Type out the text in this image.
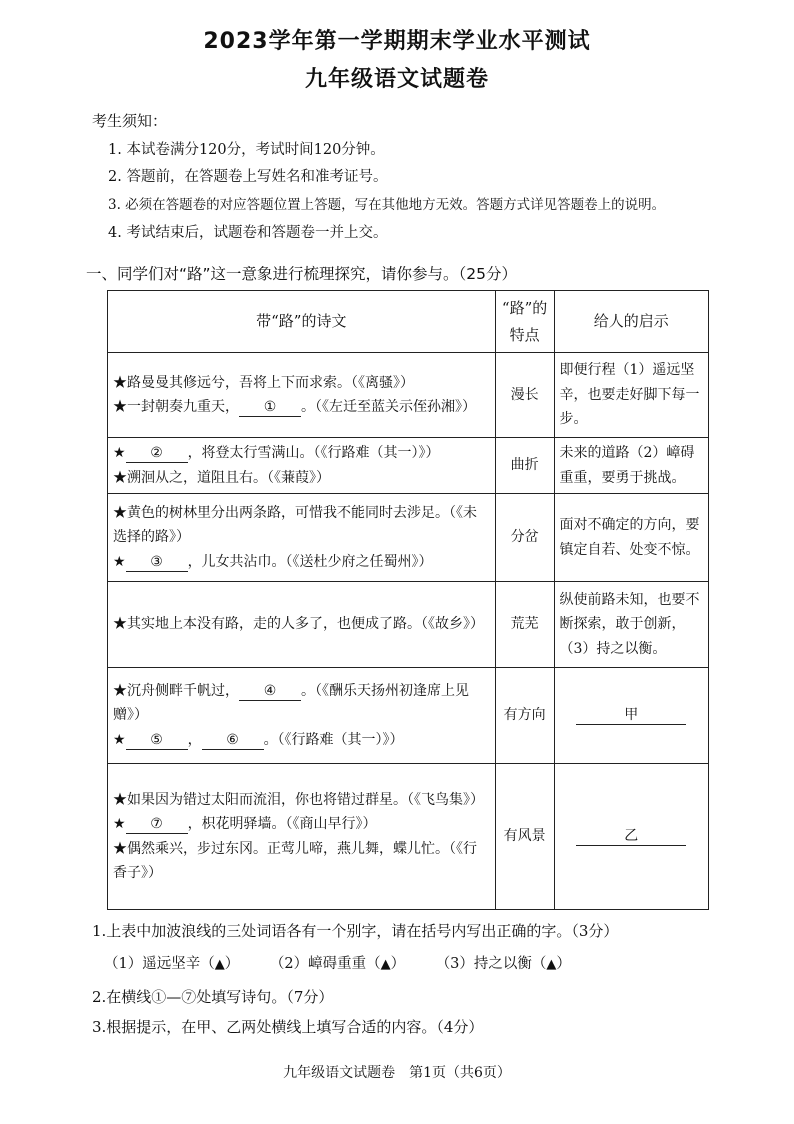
2023学年第一学期期末学业水平测试
九年级语文试题卷
考生须知：
1. 本试卷满分120分，考试时间120分钟。
2. 答题前，在答题卷上写姓名和准考证号。
3. 必须在答题卷的对应答题位置上答题，写在其他地方无效。答题方式详见答题卷上的说明。
4. 考试结束后，试题卷和答题卷一并上交。
一、同学们对“路”这一意象进行梳理探究，请你参与。（25分）
带“路”的诗文	“路”的特点	给人的启示

★路曼曼其修远兮，吾将上下而求索。（《离骚》）
★一封朝奏九重天， ① 。（《左迁至蓝关示侄孙湘》）	漫长	即便行程（1）遥远坚辛，也要走好脚下每一步。

★ ② ，将登太行雪满山。（《行路难（其一）》）
★溯洄从之，道阻且右。（《蒹葭》）	曲折	未来的道路（2）嶂碍重重，要勇于挑战。

★黄色的树林里分出两条路，可惜我不能同时去涉足。（《未选择的路》）
★ ③ ，儿女共沾巾。（《送杜少府之任蜀州》）	分岔	面对不确定的方向，要镇定自若、处变不惊。

★其实地上本没有路，走的人多了，也便成了路。（《故乡》）	荒芜	纵使前路未知，也要不断探索，敢于创新，（3）持之以衡。

★沉舟侧畔千帆过， ④ 。（《酬乐天扬州初逢席上见赠》）
★ ⑤ ， ⑥ 。（《行路难（其一）》）	有方向	甲

★如果因为错过太阳而流泪，你也将错过群星。（《飞鸟集》）
★ ⑦ ，枳花明驿墙。（《商山早行》）
★偶然乘兴，步过东冈。正莺儿啼，燕儿舞，蝶儿忙。（《行香子》）	有风景	乙
1.上表中加波浪线的三处词语各有一个别字，请在括号内写出正确的字。（3分）
（1）遥远坚辛（▲） （2）嶂碍重重（▲） （3）持之以衡（▲）
2.在横线①—⑦处填写诗句。（7分）
3.根据提示，在甲、乙两处横线上填写合适的内容。（4分）
九年级语文试题卷　第1页（共6页）
